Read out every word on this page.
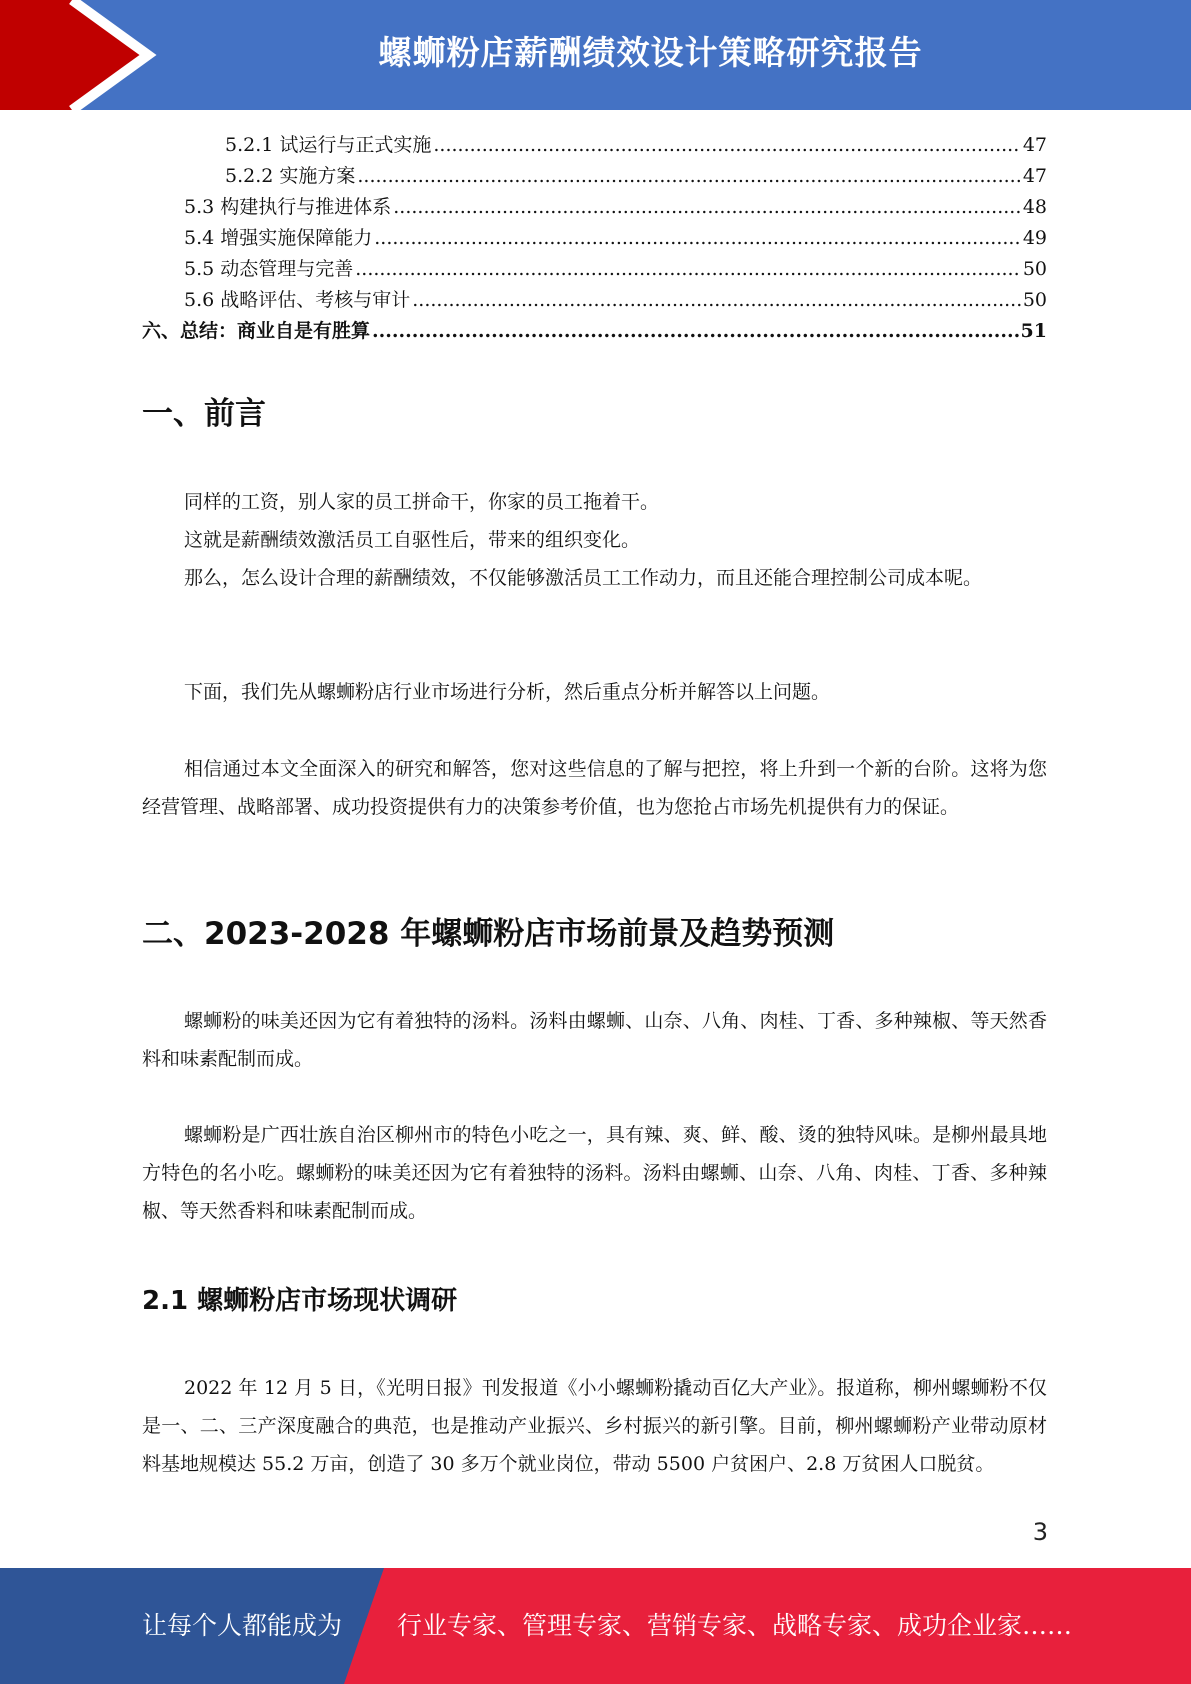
螺蛳粉店薪酬绩效设计策略研究报告
5.2.1 试运行与正式实施 .....	47
5.2.2 实施方案 .....	47
5.3 构建执行与推进体系 .....	48
5.4 增强实施保障能力 .....	49
5.5 动态管理与完善 .....	50
5.6 战略评估、考核与审计 .....	50
六、总结：商业自是有胜算 .....	51
一、前言

同样的工资，别人家的员工拼命干，你家的员工拖着干。

这就是薪酬绩效激活员工自驱性后，带来的组织变化。

那么，怎么设计合理的薪酬绩效，不仅能够激活员工工作动力，而且还能合理控制公司成本呢。

下面，我们先从螺蛳粉店行业市场进行分析，然后重点分析并解答以上问题。

相信通过本文全面深入的研究和解答，您对这些信息的了解与把控，将上升到一个新的台阶。这将为您经营管理、战略部署、成功投资提供有力的决策参考价值，也为您抢占市场先机提供有力的保证。

二、2023-2028 年螺蛳粉店市场前景及趋势预测

螺蛳粉的味美还因为它有着独特的汤料。汤料由螺蛳、山奈、八角、肉桂、丁香、多种辣椒、等天然香料和味素配制而成。

螺蛳粉是广西壮族自治区柳州市的特色小吃之一，具有辣、爽、鲜、酸、烫的独特风味。是柳州最具地方特色的名小吃。螺蛳粉的味美还因为它有着独特的汤料。汤料由螺蛳、山奈、八角、肉桂、丁香、多种辣椒、等天然香料和味素配制而成。

2.1 螺蛳粉店市场现状调研

2022 年 12 月 5 日，《光明日报》刊发报道《小小螺蛳粉撬动百亿大产业》。报道称，柳州螺蛳粉不仅是一、二、三产深度融合的典范，也是推动产业振兴、乡村振兴的新引擎。目前，柳州螺蛳粉产业带动原材料基地规模达 55.2 万亩，创造了 30 多万个就业岗位，带动 5500 户贫困户、2.8 万贫困人口脱贫。

3
让每个人都能成为 行业专家、管理专家、营销专家、战略专家、成功企业家……
